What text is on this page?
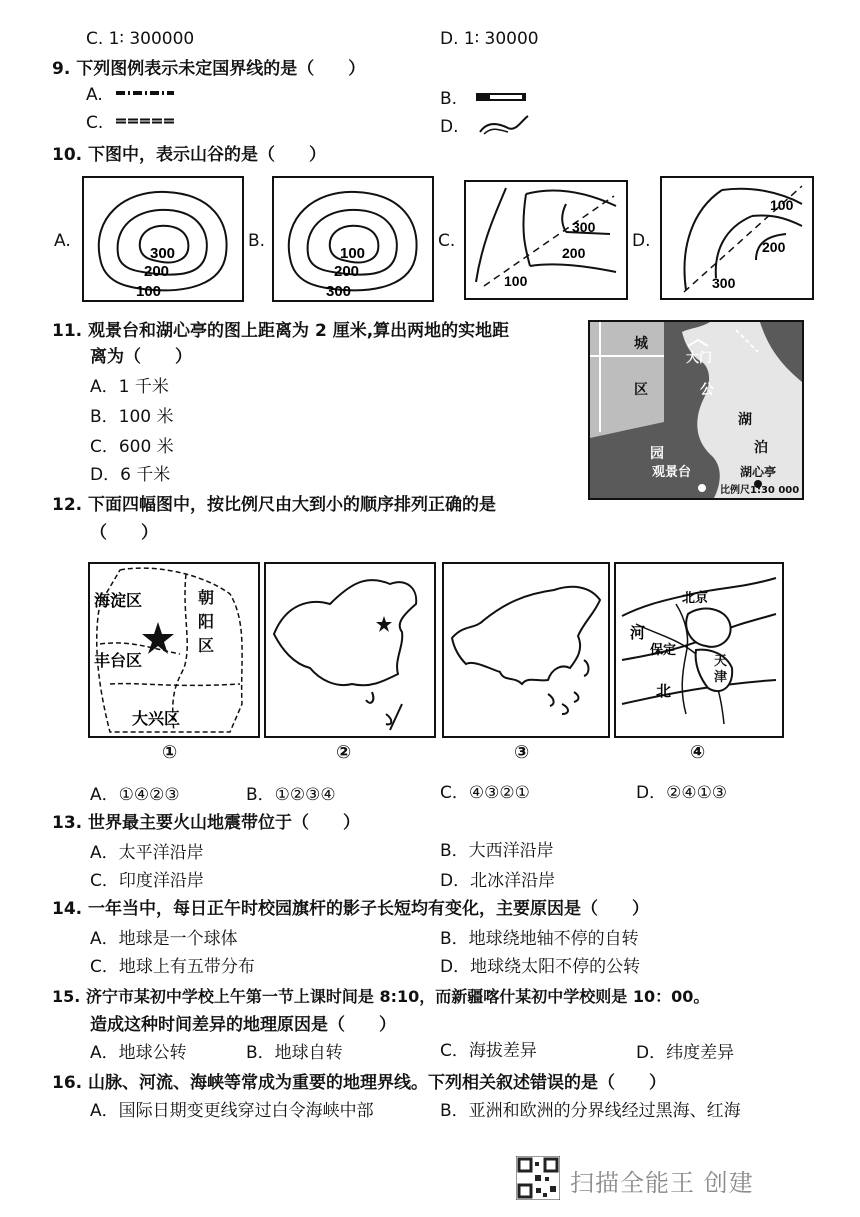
C. 1∶ 300000	D. 1∶ 30000
9. 下列图例表示未定国界线的是（　　）
A.	B.
C.	D.
10. 下图中，表示山谷的是（　　）
A.
300
200
100
B.
100
200
300
C.
300
200
100
D.
100
200
300
11. 观景台和湖心亭的图上距离为 2 厘米,算出两地的实地距
离为（　　）
A．1 千米
B．100 米
C．600 米
D．6 千米
城
区
大门
公
湖
泊
园
观景台	湖心亭
比例尺1:30 000
12. 下面四幅图中，按比例尺由大到小的顺序排列正确的是
（　　）
海淀区
丰台区
大兴区
朝阳区
北京
保定
河
北
天津
①	②	③	④
A．①④②③	B．①②③④	C．④③②①	D．②④①③
13. 世界最主要火山地震带位于（　　）
A．太平洋沿岸	B．大西洋沿岸
C．印度洋沿岸	D．北冰洋沿岸
14. 一年当中，每日正午时校园旗杆的影子长短均有变化，主要原因是（　　）
A．地球是一个球体	B．地球绕地轴不停的自转
C．地球上有五带分布	D．地球绕太阳不停的公转
15. 济宁市某初中学校上午第一节上课时间是 8:10，而新疆喀什某初中学校则是 10：00。
造成这种时间差异的地理原因是（　　）
A．地球公转	B．地球自转	C．海拔差异	D．纬度差异
16. 山脉、河流、海峡等常成为重要的地理界线。下列相关叙述错误的是（　　）
A．国际日期变更线穿过白令海峡中部	B．亚洲和欧洲的分界线经过黑海、红海
扫描全能王 创建
